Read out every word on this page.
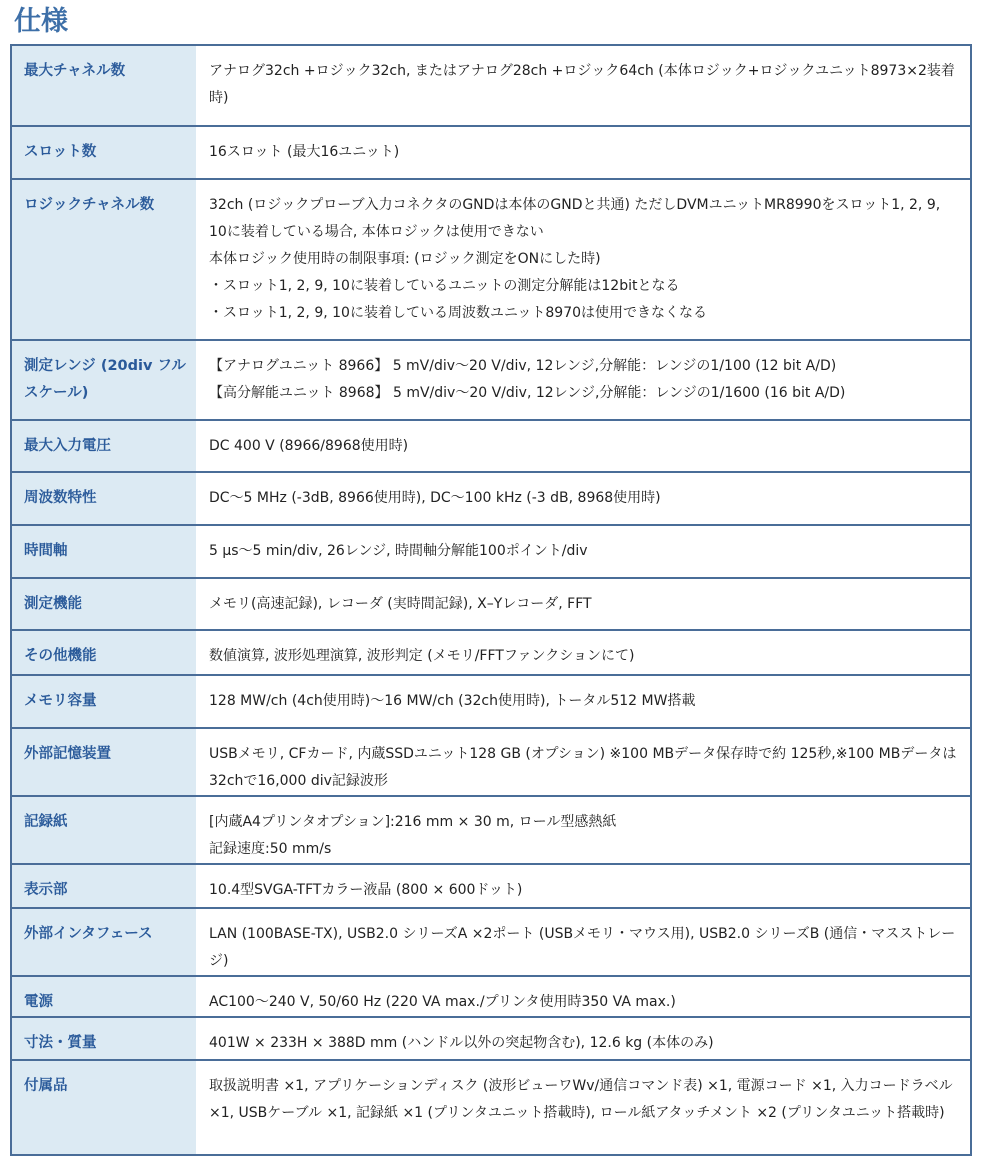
仕様
最大チャネル数	アナログ32ch +ロジック32ch, またはアナログ28ch +ロジック64ch (本体ロジック+ロジックユニット8973×2装着時)

スロット数	16スロット (最大16ユニット)

ロジックチャネル数	32ch (ロジックプローブ入力コネクタのGNDは本体のGNDと共通) ただしDVMユニットMR8990をスロット1, 2, 9, 10に装着している場合, 本体ロジックは使用できない
本体ロジック使用時の制限事項: (ロジック測定をONにした時)
・スロット1, 2, 9, 10に装着しているユニットの測定分解能は12bitとなる
・スロット1, 2, 9, 10に装着している周波数ユニット8970は使用できなくなる

測定レンジ (20div フルスケール)	【アナログユニット 8966】 5 mV/div～20 V/div, 12レンジ,分解能：レンジの1/100 (12 bit A/D)
【高分解能ユニット 8968】 5 mV/div～20 V/div, 12レンジ,分解能：レンジの1/1600 (16 bit A/D)

最大入力電圧	DC 400 V (8966/8968使用時)

周波数特性	DC～5 MHz (-3dB, 8966使用時), DC～100 kHz (-3 dB, 8968使用時)

時間軸	5 μs～5 min/div, 26レンジ, 時間軸分解能100ポイント/div

測定機能	メモリ(高速記録), レコーダ (実時間記録), X–Yレコーダ, FFT

その他機能	数値演算, 波形処理演算, 波形判定 (メモリ/FFTファンクションにて)

メモリ容量	128 MW/ch (4ch使用時)～16 MW/ch (32ch使用時), トータル512 MW搭載

外部記憶装置	USBメモリ, CFカード, 内蔵SSDユニット128 GB (オプション) ※100 MBデータ保存時で約 125秒,※100 MBデータは32chで16,000 div記録波形

記録紙	[内蔵A4プリンタオプション]:216 mm × 30 m, ロール型感熱紙
記録速度:50 mm/s

表示部	10.4型SVGA-TFTカラー液晶 (800 × 600ドット)

外部インタフェース	LAN (100BASE-TX), USB2.0 シリーズA ×2ポート (USBメモリ・マウス用), USB2.0 シリーズB (通信・マスストレージ)

電源	AC100～240 V, 50/60 Hz (220 VA max./プリンタ使用時350 VA max.)

寸法・質量	401W × 233H × 388D mm (ハンドル以外の突起物含む), 12.6 kg (本体のみ)

付属品	取扱説明書 ×1, アプリケーションディスク (波形ビューワWv/通信コマンド表) ×1, 電源コード ×1, 入力コードラベル ×1, USBケーブル ×1, 記録紙 ×1 (プリンタユニット搭載時), ロール紙アタッチメント ×2 (プリンタユニット搭載時)
